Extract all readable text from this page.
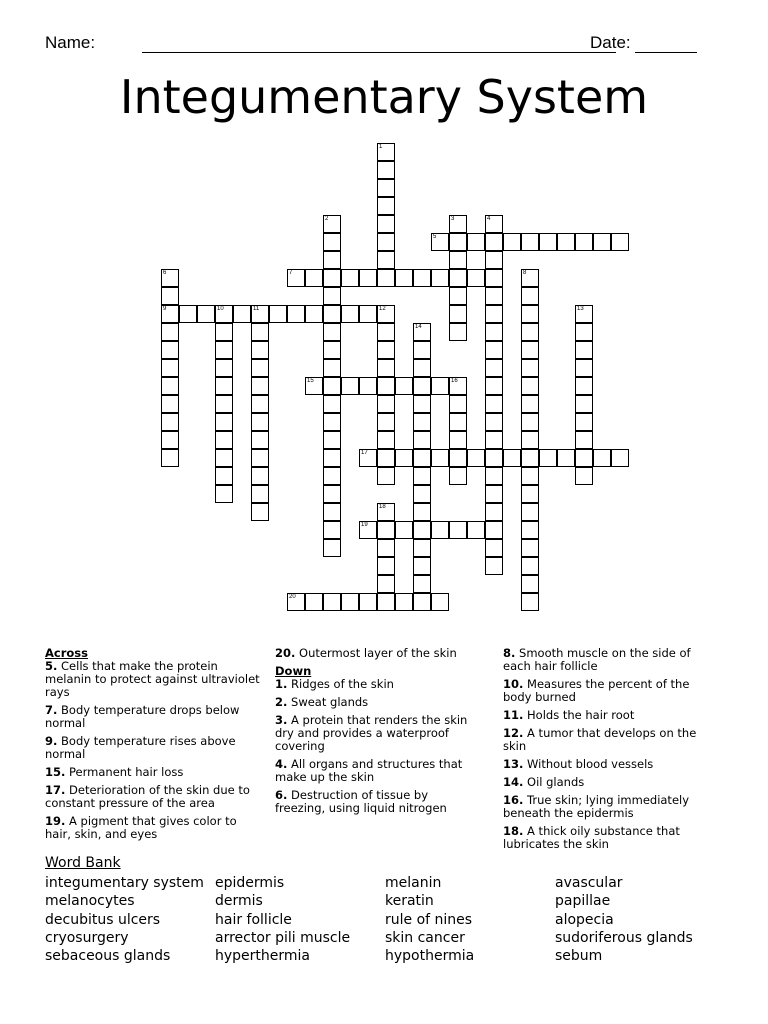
Name:	Date:
Integumentary System
1
2	3	4
5
6
9
7	8
10	11	12	13
14
15	16
17
18
19
20
Across
5. Cells that make the protein melanin to protect against ultraviolet rays
7. Body temperature drops below normal
9. Body temperature rises above normal
15. Permanent hair loss
17. Deterioration of the skin due to constant pressure of the area
19. A pigment that gives color to hair, skin, and eyes
20. Outermost layer of the skin
Down
1. Ridges of the skin
2. Sweat glands
3. A protein that renders the skin dry and provides a waterproof covering
4. All organs and structures that make up the skin
6. Destruction of tissue by freezing, using liquid nitrogen
8. Smooth muscle on the side of each hair follicle
10. Measures the percent of the body burned
11. Holds the hair root
12. A tumor that develops on the skin
13. Without blood vessels
14. Oil glands
16. True skin; lying immediately beneath the epidermis
18. A thick oily substance that lubricates the skin
Word Bank
integumentary system
melanocytes
decubitus ulcers
cryosurgery
sebaceous glands
epidermis
dermis
hair follicle
arrector pili muscle
hyperthermia
melanin
keratin
rule of nines
skin cancer
hypothermia
avascular
papillae
alopecia
sudoriferous glands
sebum
